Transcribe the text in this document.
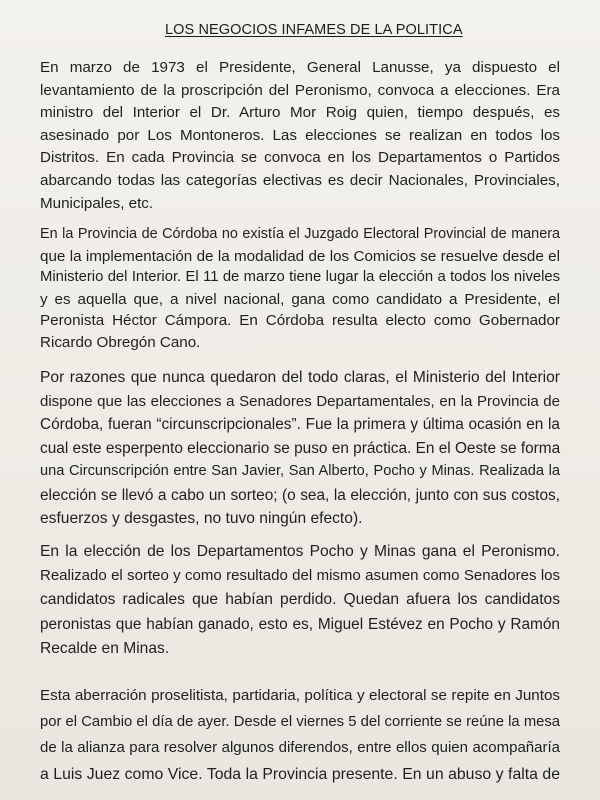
LOS NEGOCIOS INFAMES DE LA POLITICA
En marzo de 1973 el Presidente, General Lanusse, ya dispuesto el
levantamiento de la proscripción del Peronismo, convoca a elecciones. Era
ministro del Interior el Dr. Arturo Mor Roig quien, tiempo después, es
asesinado por Los Montoneros. Las elecciones se realizan en todos los
Distritos. En cada Provincia se convoca en los Departamentos o Partidos
abarcando todas las categorías electivas es decir Nacionales, Provinciales,
Municipales, etc.
En la Provincia de Córdoba no existía el Juzgado Electoral Provincial de manera
que la implementación de la modalidad de los Comicios se resuelve desde el
Ministerio del Interior. El 11 de marzo tiene lugar la elección a todos los niveles
y es aquella que, a nivel nacional, gana como candidato a Presidente, el
Peronista Héctor Cámpora. En Córdoba resulta electo como Gobernador
Ricardo Obregón Cano.
Por razones que nunca quedaron del todo claras, el Ministerio del Interior
dispone que las elecciones a Senadores Departamentales, en la Provincia de
Córdoba, fueran “circunscripcionales”. Fue la primera y última ocasión en la
cual este esperpento eleccionario se puso en práctica. En el Oeste se forma
una Circunscripción entre San Javier, San Alberto, Pocho y Minas. Realizada la
elección se llevó a cabo un sorteo; (o sea, la elección, junto con sus costos,
esfuerzos y desgastes, no tuvo ningún efecto).
En la elección de los Departamentos Pocho y Minas gana el Peronismo.
Realizado el sorteo y como resultado del mismo asumen como Senadores los
candidatos radicales que habían perdido. Quedan afuera los candidatos
peronistas que habían ganado, esto es, Miguel Estévez en Pocho y Ramón
Recalde en Minas.
Esta aberración proselitista, partidaria, política y electoral se repite en Juntos
por el Cambio el día de ayer. Desde el viernes 5 del corriente se reúne la mesa
de la alianza para resolver algunos diferendos, entre ellos quien acompañaría
a Luis Juez como Vice. Toda la Provincia presente. En un abuso y falta de
